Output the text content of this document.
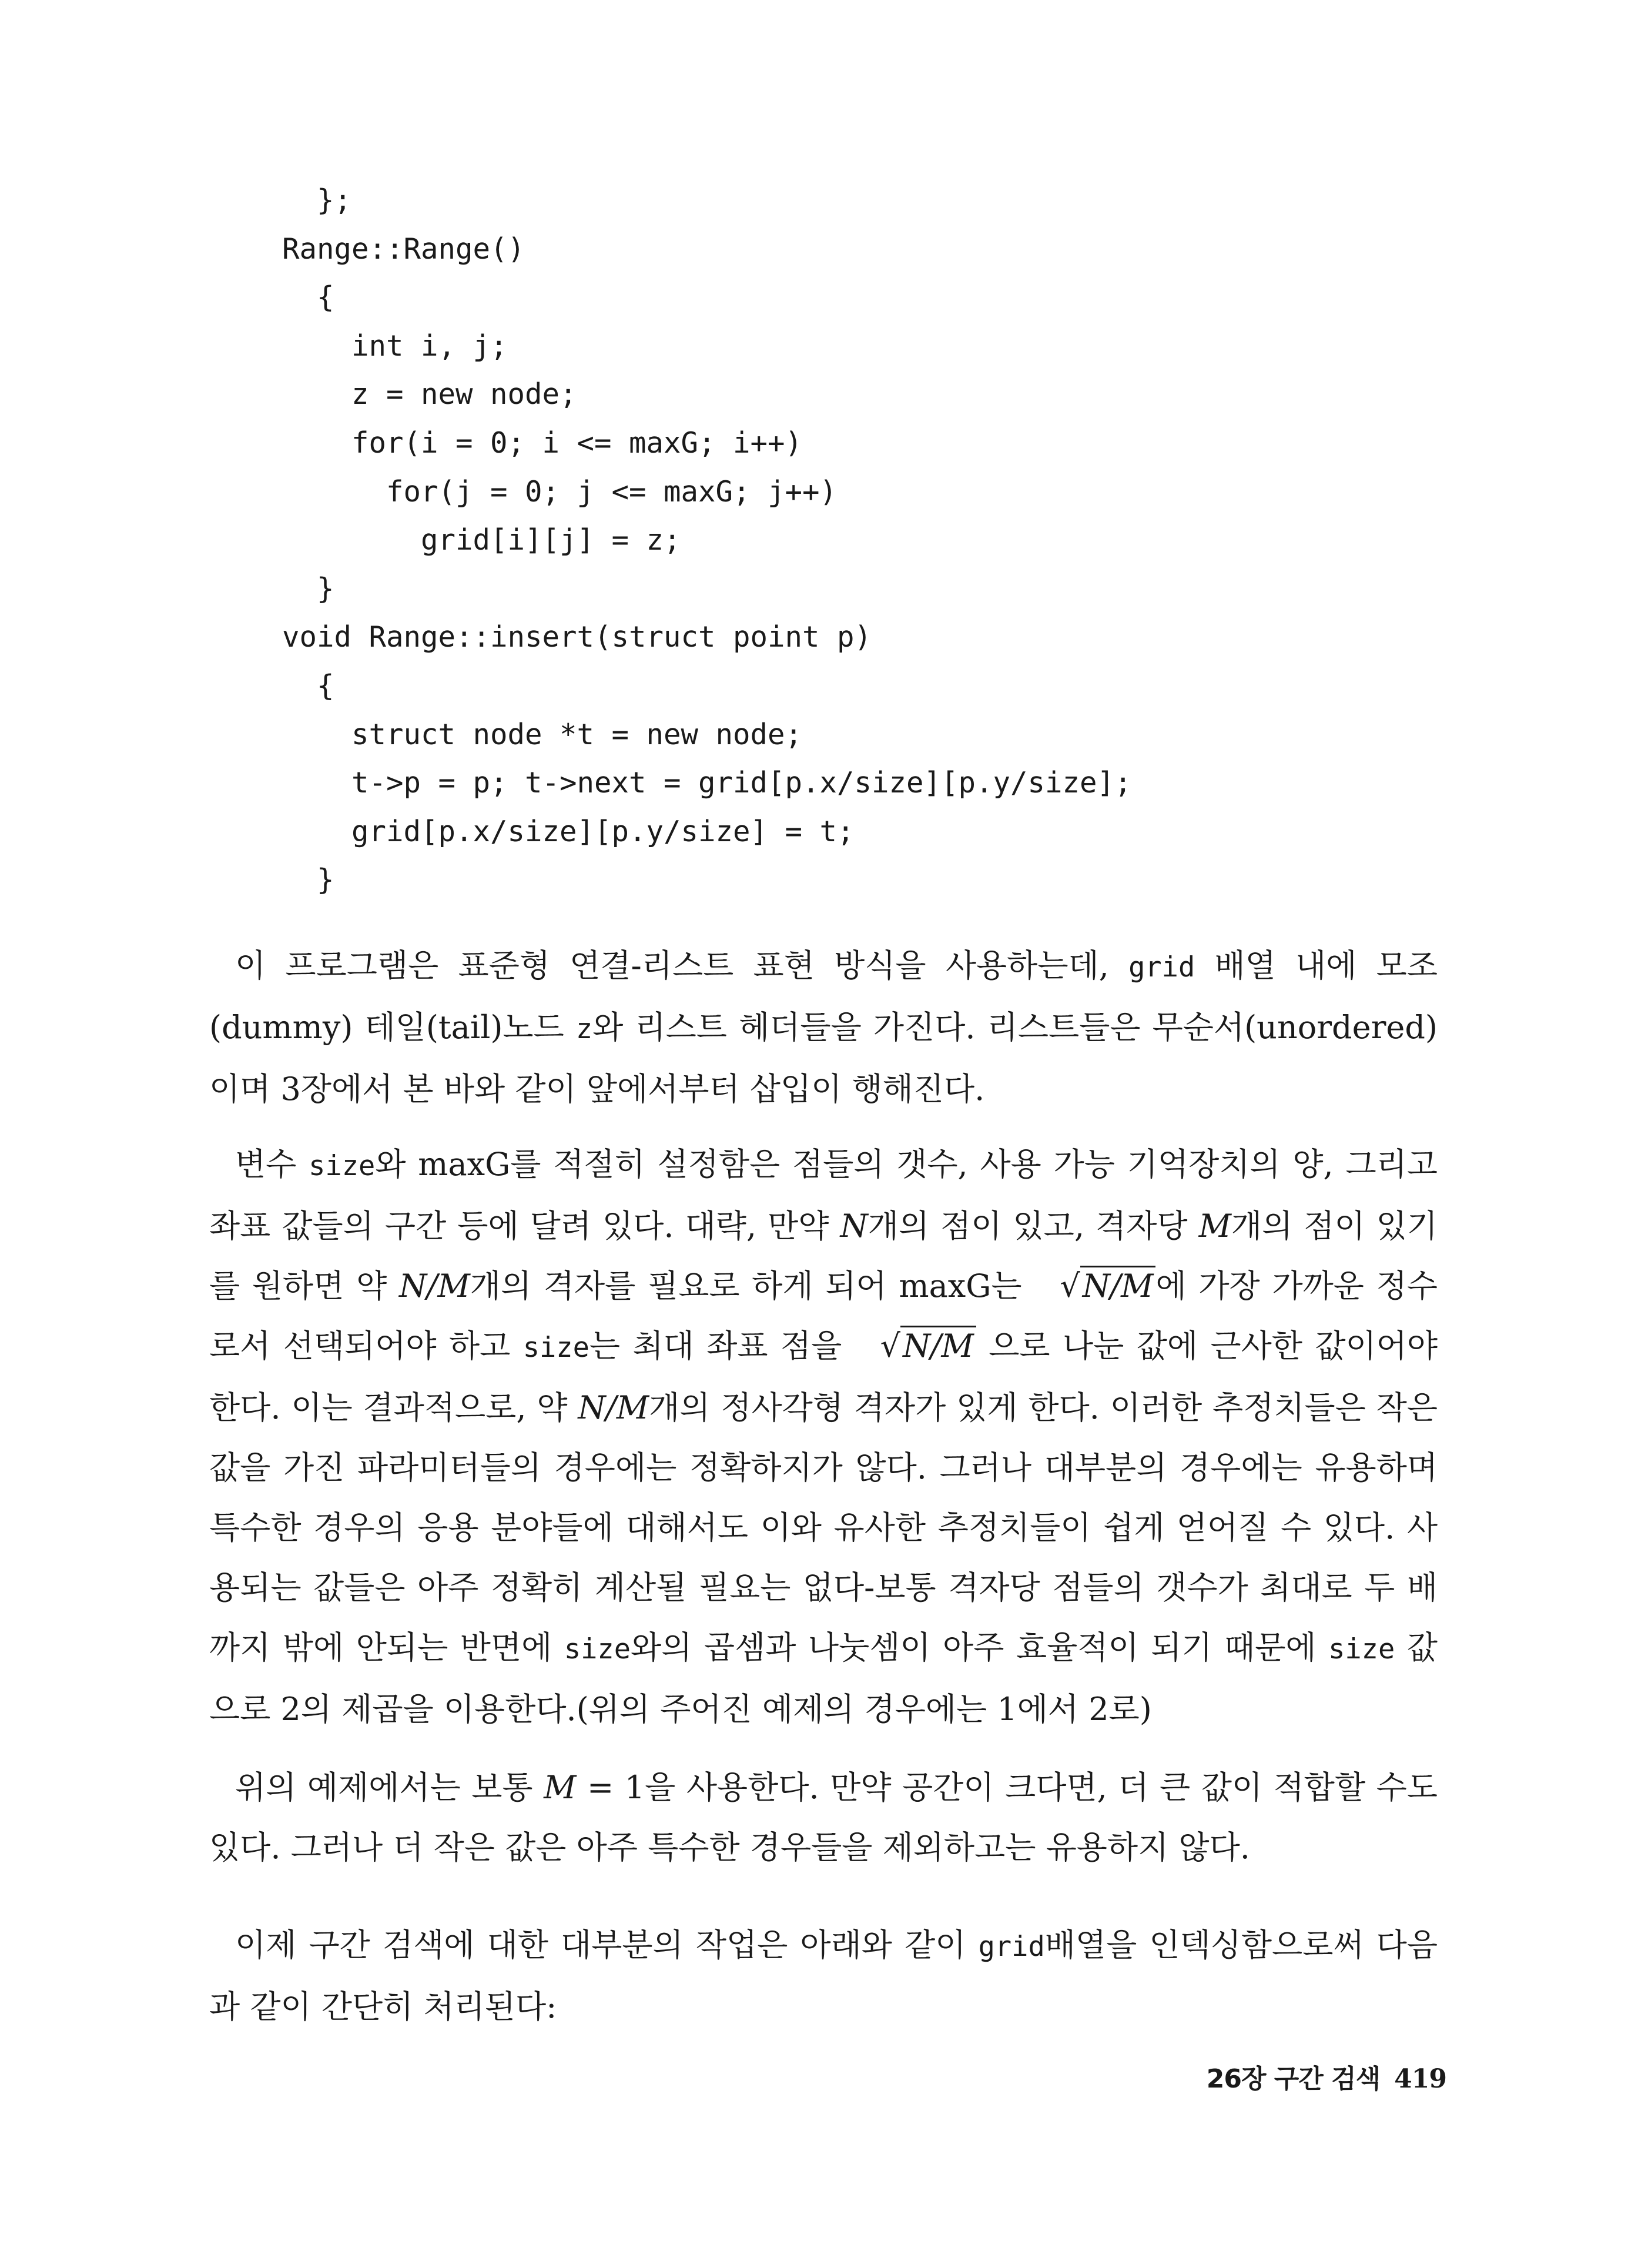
};
Range::Range()
{
int i, j;
z = new node;
for(i = 0; i <= maxG; i++)
for(j = 0; j <= maxG; j++)
grid[i][j] = z;
}
void Range::insert(struct point p)
{
struct node *t = new node;
t->p = p; t->next = grid[p.x/size][p.y/size];
grid[p.x/size][p.y/size] = t;
}

이 프로그램은 표준형 연결-리스트 표현 방식을 사용하는데, grid 배열 내에 모조(dummy) 테일(tail)노드 z와 리스트 헤더들을 가진다. 리스트들은 무순서(unordered)이며 3장에서 본 바와 같이 앞에서부터 삽입이 행해진다.

변수 size와 maxG를 적절히 설정함은 점들의 갯수, 사용 가능 기억장치의 양, 그리고 좌표 값들의 구간 등에 달려 있다. 대략, 만약 N개의 점이 있고, 격자당 M개의 점이 있기를 원하면 약 N/M개의 격자를 필요로 하게 되어 maxG는 √N/M에 가장 가까운 정수로서 선택되어야 하고 size는 최대 좌표 점을 √N/M 으로 나눈 값에 근사한 값이어야 한다. 이는 결과적으로, 약 N/M개의 정사각형 격자가 있게 한다. 이러한 추정치들은 작은 값을 가진 파라미터들의 경우에는 정확하지가 않다. 그러나 대부분의 경우에는 유용하며 특수한 경우의 응용 분야들에 대해서도 이와 유사한 추정치들이 쉽게 얻어질 수 있다. 사용되는 값들은 아주 정확히 계산될 필요는 없다-보통 격자당 점들의 갯수가 최대로 두 배까지 밖에 안되는 반면에 size와의 곱셈과 나눗셈이 아주 효율적이 되기 때문에 size 값으로 2의 제곱을 이용한다.(위의 주어진 예제의 경우에는 1에서 2로)

위의 예제에서는 보통 M = 1을 사용한다. 만약 공간이 크다면, 더 큰 값이 적합할 수도 있다. 그러나 더 작은 값은 아주 특수한 경우들을 제외하고는 유용하지 않다.

이제 구간 검색에 대한 대부분의 작업은 아래와 같이 grid배열을 인덱싱함으로써 다음과 같이 간단히 처리된다:

26장 구간 검색 419
